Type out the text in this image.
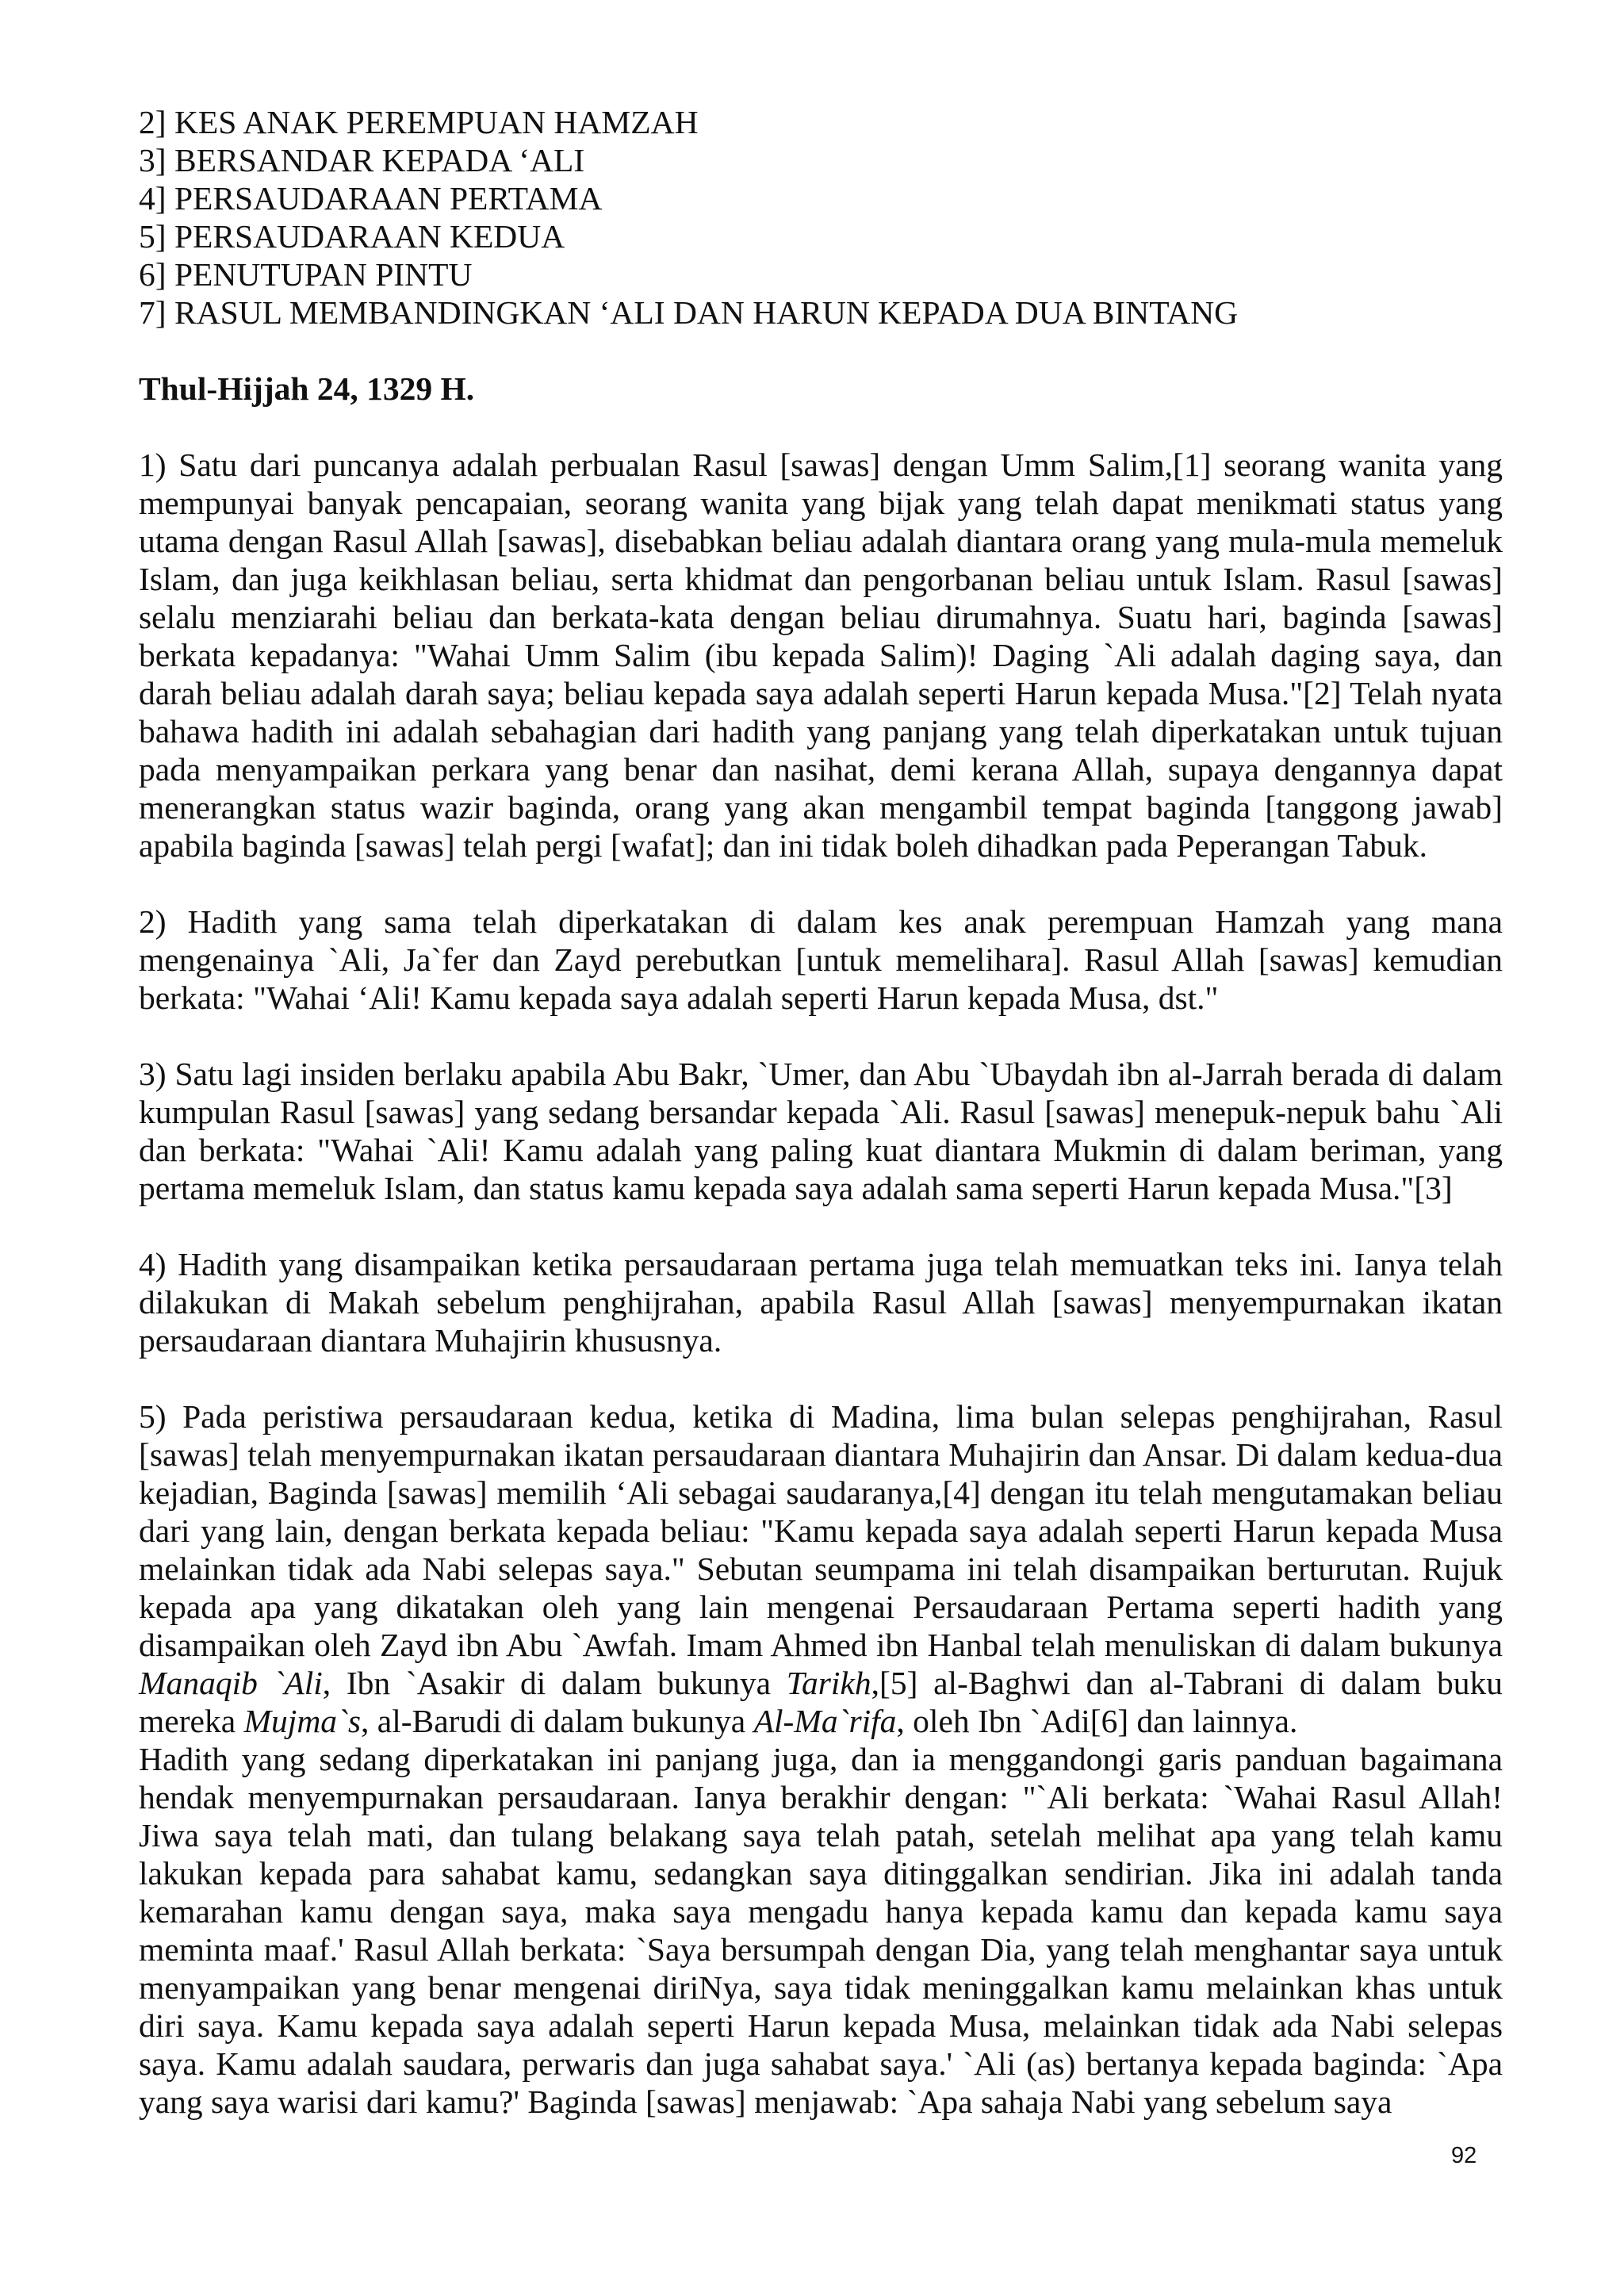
2] KES ANAK PEREMPUAN HAMZAH
3] BERSANDAR KEPADA ‘ALI
4] PERSAUDARAAN PERTAMA
5] PERSAUDARAAN KEDUA
6] PENUTUPAN PINTU
7] RASUL MEMBANDINGKAN ‘ALI DAN HARUN KEPADA DUA BINTANG
Thul-Hijjah 24, 1329 H.

1) Satu dari puncanya adalah perbualan Rasul [sawas] dengan Umm Salim,[1] seorang wanita yang mempunyai banyak pencapaian, seorang wanita yang bijak yang telah dapat menikmati status yang utama dengan Rasul Allah [sawas], disebabkan beliau adalah diantara orang yang mula-mula memeluk Islam, dan juga keikhlasan beliau, serta khidmat dan pengorbanan beliau untuk Islam. Rasul [sawas] selalu menziarahi beliau dan berkata-kata dengan beliau dirumahnya. Suatu hari, baginda [sawas] berkata kepadanya: "Wahai Umm Salim (ibu kepada Salim)! Daging `Ali adalah daging saya, dan darah beliau adalah darah saya; beliau kepada saya adalah seperti Harun kepada Musa."[2] Telah nyata bahawa hadith ini adalah sebahagian dari hadith yang panjang yang telah diperkatakan untuk tujuan pada menyampaikan perkara yang benar dan nasihat, demi kerana Allah, supaya dengannya dapat menerangkan status wazir baginda, orang yang akan mengambil tempat baginda [tanggong jawab] apabila baginda [sawas] telah pergi [wafat]; dan ini tidak boleh dihadkan pada Peperangan Tabuk.

2) Hadith yang sama telah diperkatakan di dalam kes anak perempuan Hamzah yang mana mengenainya `Ali, Ja`fer dan Zayd perebutkan [untuk memelihara]. Rasul Allah [sawas] kemudian berkata: "Wahai ‘Ali! Kamu kepada saya adalah seperti Harun kepada Musa, dst."

3) Satu lagi insiden berlaku apabila Abu Bakr, `Umer, dan Abu `Ubaydah ibn al-Jarrah berada di dalam kumpulan Rasul [sawas] yang sedang bersandar kepada `Ali. Rasul [sawas] menepuk-nepuk bahu `Ali dan berkata: "Wahai `Ali! Kamu adalah yang paling kuat diantara Mukmin di dalam beriman, yang pertama memeluk Islam, dan status kamu kepada saya adalah sama seperti Harun kepada Musa."[3]

4) Hadith yang disampaikan ketika persaudaraan pertama juga telah memuatkan teks ini. Ianya telah dilakukan di Makah sebelum penghijrahan, apabila Rasul Allah [sawas] menyempurnakan ikatan persaudaraan diantara Muhajirin khususnya.

5) Pada peristiwa persaudaraan kedua, ketika di Madina, lima bulan selepas penghijrahan, Rasul [sawas] telah menyempurnakan ikatan persaudaraan diantara Muhajirin dan Ansar. Di dalam kedua-dua kejadian, Baginda [sawas] memilih ‘Ali sebagai saudaranya,[4] dengan itu telah mengutamakan beliau dari yang lain, dengan berkata kepada beliau: "Kamu kepada saya adalah seperti Harun kepada Musa melainkan tidak ada Nabi selepas saya." Sebutan seumpama ini telah disampaikan berturutan. Rujuk kepada apa yang dikatakan oleh yang lain mengenai Persaudaraan Pertama seperti hadith yang disampaikan oleh Zayd ibn Abu `Awfah. Imam Ahmed ibn Hanbal telah menuliskan di dalam bukunya Manaqib `Ali, Ibn `Asakir di dalam bukunya Tarikh,[5] al-Baghwi dan al-Tabrani di dalam buku mereka Mujma`s, al-Barudi di dalam bukunya Al-Ma`rifa, oleh Ibn `Adi[6] dan lainnya.

Hadith yang sedang diperkatakan ini panjang juga, dan ia menggandongi garis panduan bagaimana hendak menyempurnakan persaudaraan. Ianya berakhir dengan: "`Ali berkata: `Wahai Rasul Allah! Jiwa saya telah mati, dan tulang belakang saya telah patah, setelah melihat apa yang telah kamu lakukan kepada para sahabat kamu, sedangkan saya ditinggalkan sendirian. Jika ini adalah tanda kemarahan kamu dengan saya, maka saya mengadu hanya kepada kamu dan kepada kamu saya meminta maaf.' Rasul Allah berkata: `Saya bersumpah dengan Dia, yang telah menghantar saya untuk menyampaikan yang benar mengenai diriNya, saya tidak meninggalkan kamu melainkan khas untuk diri saya. Kamu kepada saya adalah seperti Harun kepada Musa, melainkan tidak ada Nabi selepas saya. Kamu adalah saudara, perwaris dan juga sahabat saya.' `Ali (as) bertanya kepada baginda: `Apa yang saya warisi dari kamu?' Baginda [sawas] menjawab: `Apa sahaja Nabi yang sebelum saya

92
